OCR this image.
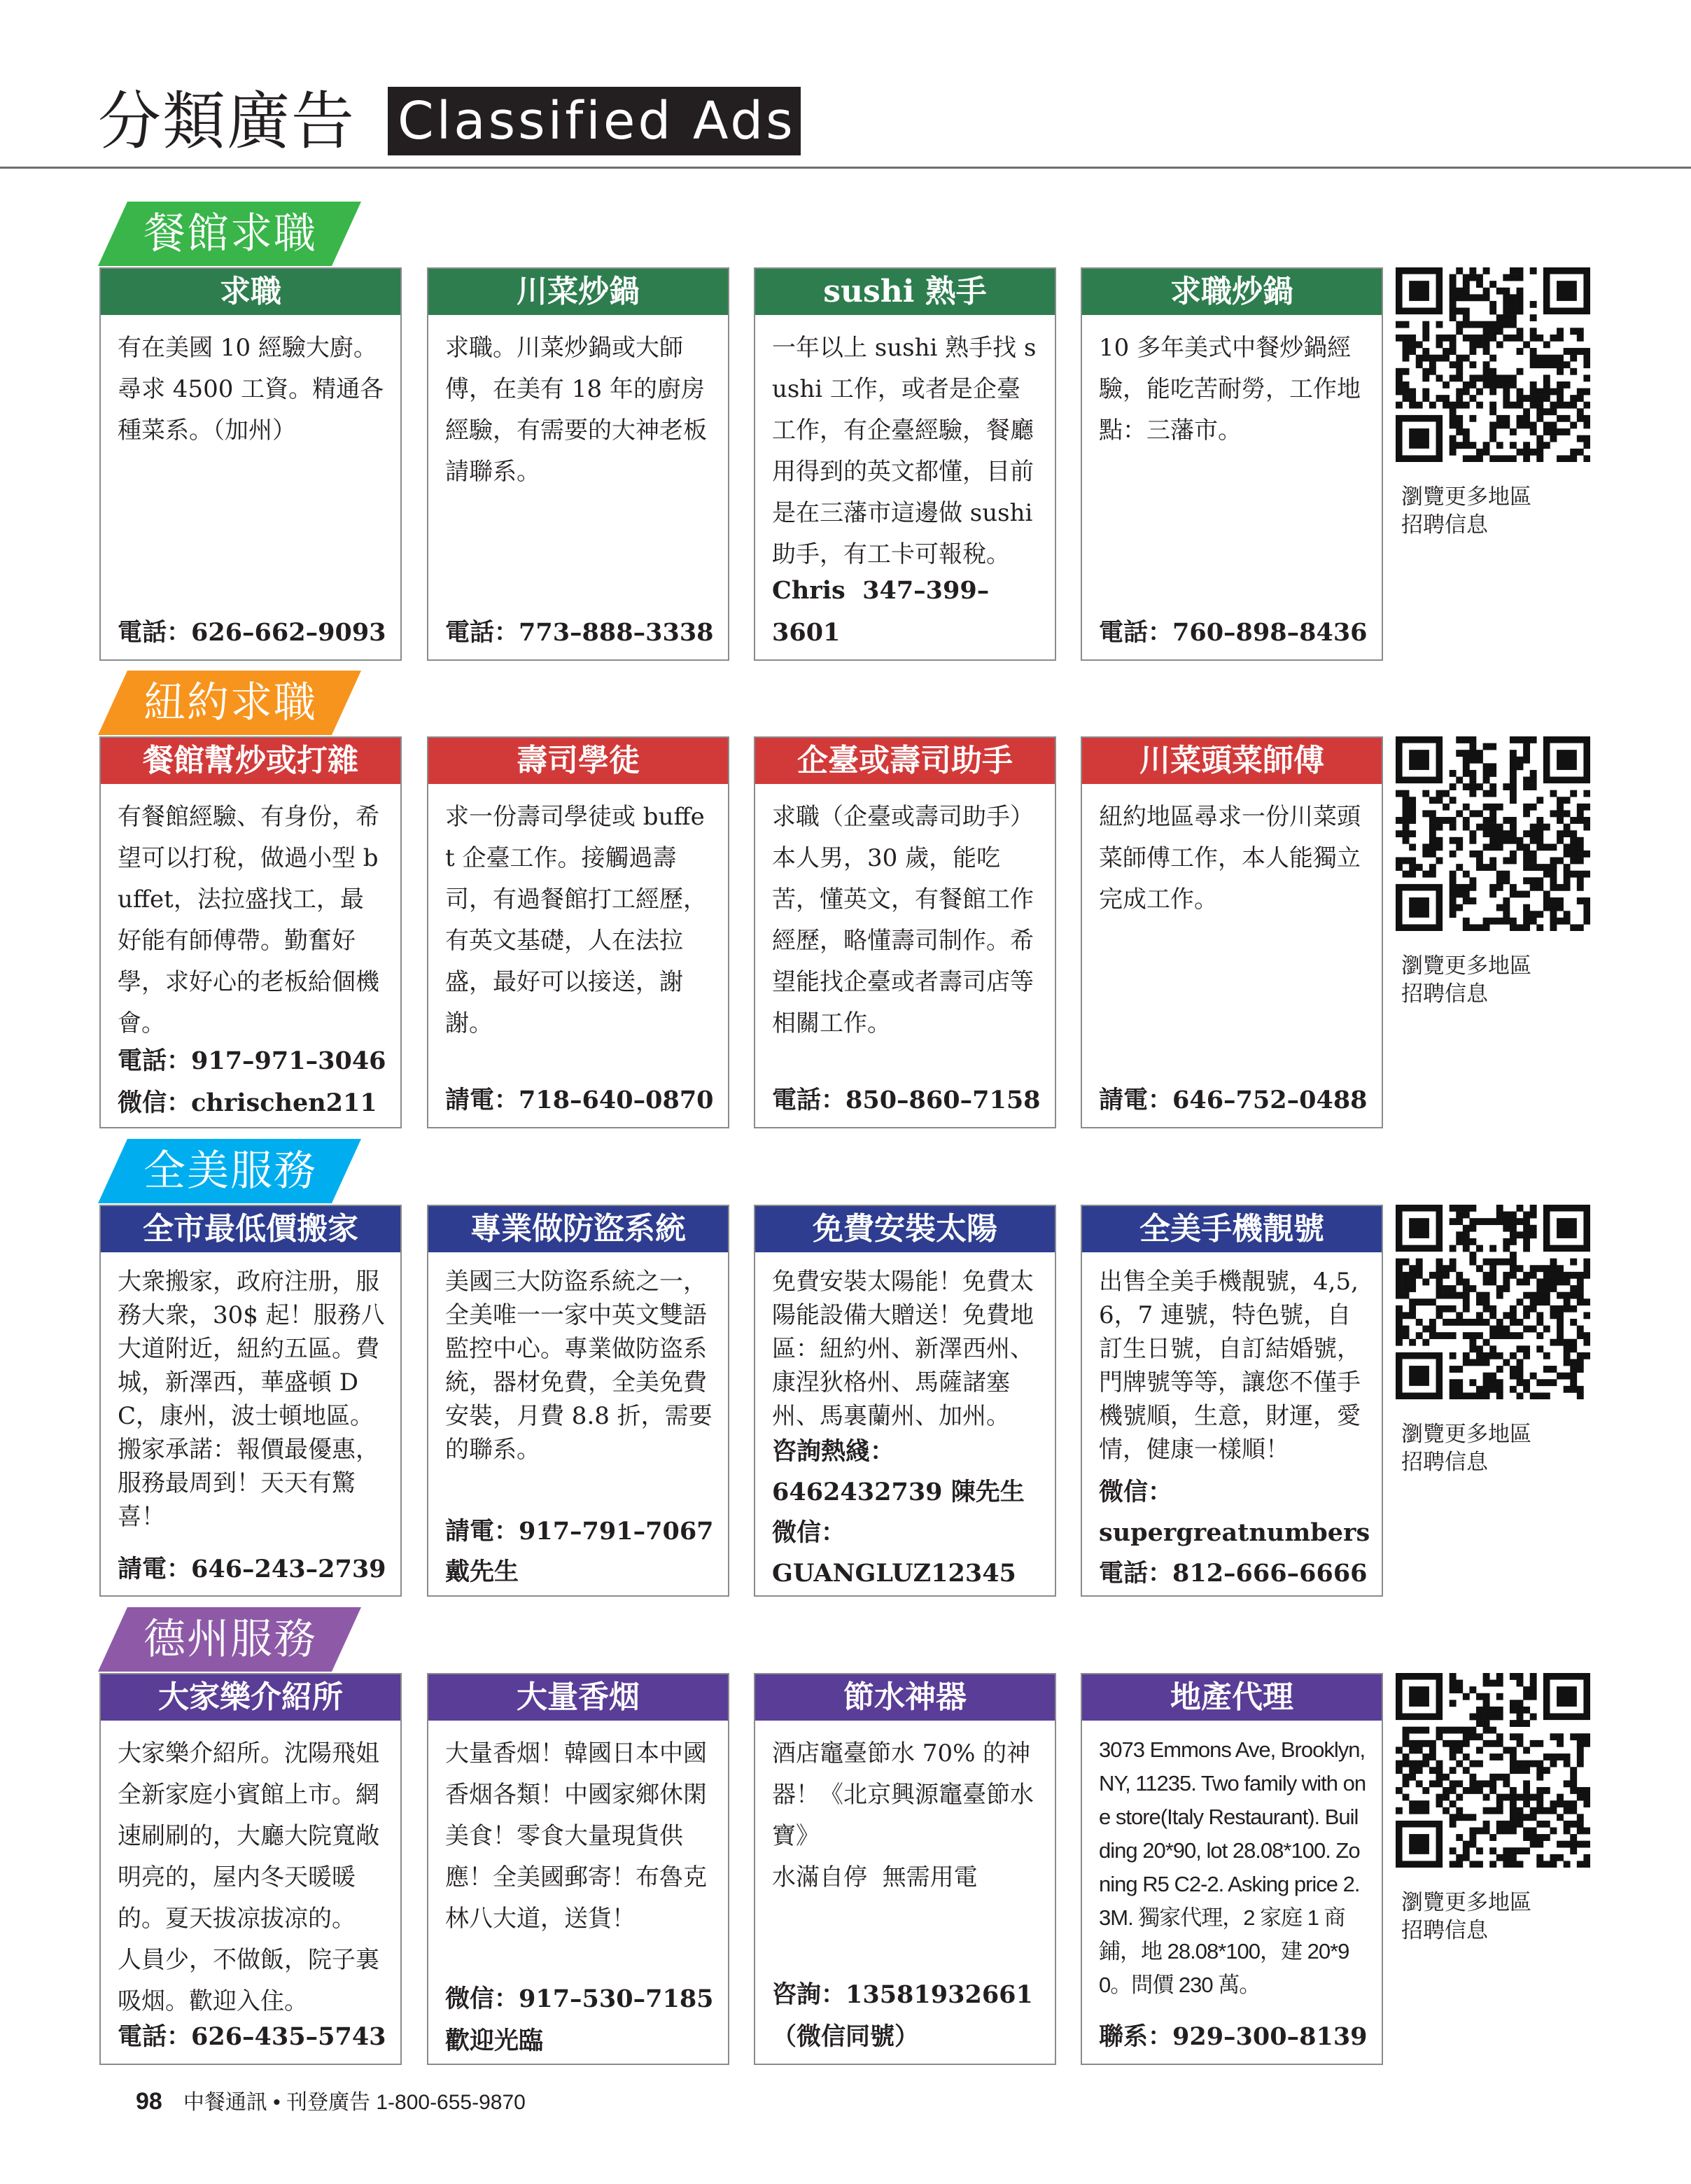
分類廣告 Classified Ads
餐館求職
求職
有在美國 10 經驗大廚。尋求 4500 工資。精通各種菜系。（加州）
電話：626–662–9093
川菜炒鍋
求職。川菜炒鍋或大師傅，在美有 18 年的廚房經驗，有需要的大神老板請聯系。
電話：773–888–3338
sushi 熟手
一年以上 sushi 熟手找 sushi 工作，或者是企臺工作，有企臺經驗，餐廳用得到的英文都懂，目前是在三藩市這邊做 sushi 助手，有工卡可報稅。
Chris  347–399–3601
求職炒鍋
10 多年美式中餐炒鍋經驗，能吃苦耐勞，工作地點：三藩市。
電話：760–898–8436
瀏覽更多地區
招聘信息
紐約求職
餐館幫炒或打雜
有餐館經驗、有身份，希望可以打稅，做過小型 buffet，法拉盛找工，最好能有師傅帶。勤奮好學，求好心的老板給個機會。
電話：917–971–3046
微信：chrischen211
壽司學徒
求一份壽司學徒或 buffet 企臺工作。接觸過壽司，有過餐館打工經歷，有英文基礎，人在法拉盛，最好可以接送，謝謝。
請電：718–640–0870
企臺或壽司助手
求職（企臺或壽司助手）本人男，30 歲，能吃苦，懂英文，有餐館工作經歷，略懂壽司制作。希望能找企臺或者壽司店等相關工作。
電話：850–860–7158
川菜頭菜師傅
紐約地區尋求一份川菜頭菜師傅工作，本人能獨立完成工作。
請電：646–752–0488
瀏覽更多地區
招聘信息
全美服務
全市最低價搬家
大衆搬家，政府注册，服務大衆，30$ 起！服務八大道附近，紐約五區。費城，新澤西，華盛頓 DC，康州，波士頓地區。搬家承諾：報價最優惠，服務最周到！天天有驚喜！
請電：646–243–2739
專業做防盜系統
美國三大防盜系統之一，全美唯一一家中英文雙語監控中心。專業做防盗系統，器材免費，全美免費安裝，月費 8.8 折，需要的聯系。
請電：917–791–7067
戴先生
免費安裝太陽
免費安裝太陽能！免費太陽能設備大贈送！免費地區：紐約州、新澤西州、康涅狄格州、馬薩諸塞州、馬裏蘭州、加州。
咨詢熱綫：
6462432739 陳先生
微信：
GUANGLUZ12345
全美手機靚號
出售全美手機靚號，4,5,6，7 連號，特色號，自訂生日號，自訂結婚號，門牌號等等，讓您不僅手機號順，生意，財運，愛情，健康一樣順！
微信：
supergreatnumbers
電話：812–666–6666
瀏覽更多地區
招聘信息
德州服務
大家樂介紹所
大家樂介紹所。沈陽飛姐全新家庭小賓館上市。網速刷刷的，大廳大院寬敞明亮的，屋内冬天暖暖的。夏天拔凉拔凉的。 人員少，不做飯，院子裏吸烟。歡迎入住。
電話：626–435–5743
大量香烟
大量香烟！韓國日本中國香烟各類！中國家鄉休閑美食！零食大量現貨供應！全美國郵寄！布魯克林八大道，送貨！
微信：917–530–7185
歡迎光臨
節水神器
酒店竈臺節水 70% 的神器！《北京興源竈臺節水寶》
水滿自停  無需用電
咨詢：13581932661
（微信同號）
地產代理
3073 Emmons Ave, Brooklyn, NY, 11235. Two family with one store(Italy Restaurant). Building 20*90, lot 28.08*100. Zoning R5 C2-2. Asking price 2.3M. 獨家代理，2 家庭 1 商鋪，地 28.08*100，建 20*90。問價 230 萬。
聯系：929–300–8139
瀏覽更多地區
招聘信息
98 中餐通訊 • 刊登廣告 1-800-655-9870
